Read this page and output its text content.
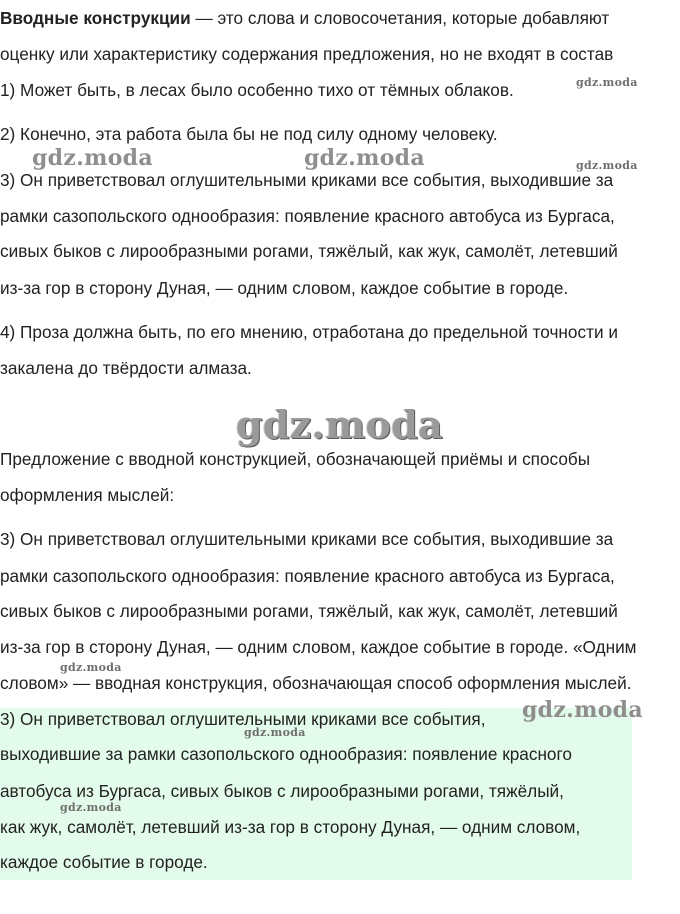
Вводные конструкции — это слова и словосочетания, которые добавляют
оценку или характеристику содержания предложения, но не входят в состав
1) Может быть, в лесах было особенно тихо от тёмных облаков.
2) Конечно, эта работа была бы не под силу одному человеку.
3) Он приветствовал оглушительными криками все события, выходившие за
рамки сазопольского однообразия: появление красного автобуса из Бургаса,
сивых быков с лирообразными рогами, тяжёлый, как жук, самолёт, летевший
из-за гор в сторону Дуная, — одним словом, каждое событие в городе.
4) Проза должна быть, по его мнению, отработана до предельной точности и
закалена до твёрдости алмаза.
Предложение с вводной конструкцией, обозначающей приёмы и способы
оформления мыслей:
3) Он приветствовал оглушительными криками все события, выходившие за
рамки сазопольского однообразия: появление красного автобуса из Бургаса,
сивых быков с лирообразными рогами, тяжёлый, как жук, самолёт, летевший
из-за гор в сторону Дуная, — одним словом, каждое событие в городе. «Одним
словом» — вводная конструкция, обозначающая способ оформления мыслей.
3) Он приветствовал оглушительными криками все события,
выходившие за рамки сазопольского однообразия: появление красного
автобуса из Бургаса, сивых быков с лирообразными рогами, тяжёлый,
как жук, самолёт, летевший из-за гор в сторону Дуная, — одним словом,
каждое событие в городе.
gdz.moda
gdz.moda	gdz.moda	gdz.moda
gdz.moda
gdz.moda
gdz.moda
gdz.moda
gdz.moda
